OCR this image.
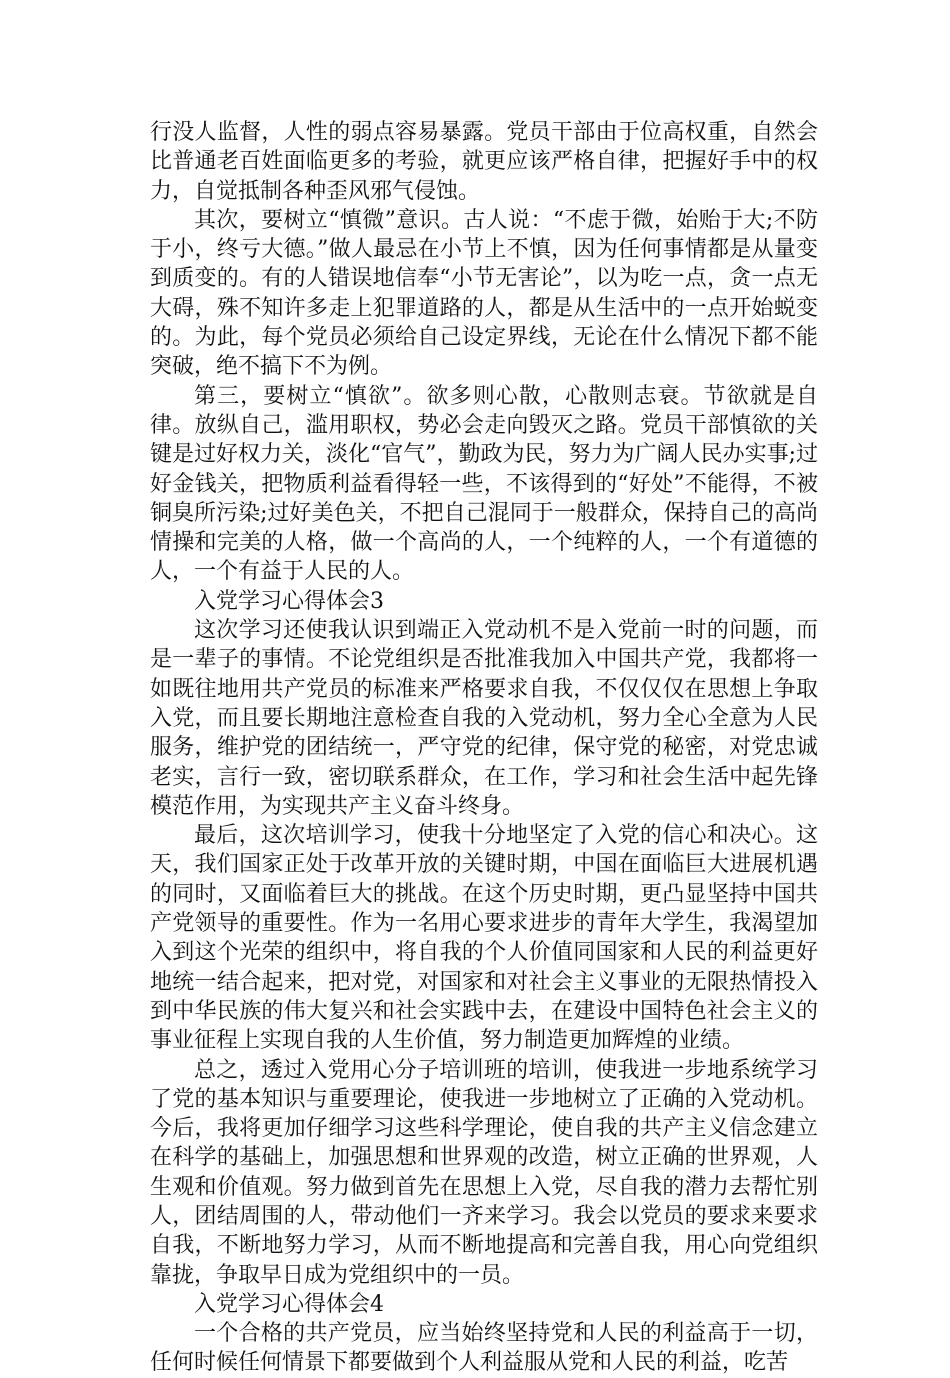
行没人监督，人性的弱点容易暴露。党员干部由于位高权重，自然会比普通老百姓面临更多的考验，就更应该严格自律，把握好手中的权力，自觉抵制各种歪风邪气侵蚀。

其次，要树立“慎微”意识。古人说：“不虑于微，始贻于大;不防于小，终亏大德。”做人最忌在小节上不慎，因为任何事情都是从量变到质变的。有的人错误地信奉“小节无害论”，以为吃一点，贪一点无大碍，殊不知许多走上犯罪道路的人，都是从生活中的一点开始蜕变的。为此，每个党员必须给自己设定界线，无论在什么情况下都不能突破，绝不搞下不为例。

第三，要树立“慎欲”。欲多则心散，心散则志衰。节欲就是自律。放纵自己，滥用职权，势必会走向毁灭之路。党员干部慎欲的关键是过好权力关，淡化“官气”，勤政为民，努力为广阔人民办实事;过好金钱关，把物质利益看得轻一些，不该得到的“好处”不能得，不被铜臭所污染;过好美色关，不把自己混同于一般群众，保持自己的高尚情操和完美的人格，做一个高尚的人，一个纯粹的人，一个有道德的人，一个有益于人民的人。

入党学习心得体会3

这次学习还使我认识到端正入党动机不是入党前一时的问题，而是一辈子的事情。不论党组织是否批准我加入中国共产党，我都将一如既往地用共产党员的标准来严格要求自我，不仅仅仅在思想上争取入党，而且要长期地注意检查自我的入党动机，努力全心全意为人民服务，维护党的团结统一，严守党的纪律，保守党的秘密，对党忠诚老实，言行一致，密切联系群众，在工作，学习和社会生活中起先锋模范作用，为实现共产主义奋斗终身。

最后，这次培训学习，使我十分地坚定了入党的信心和决心。这天，我们国家正处于改革开放的关键时期，中国在面临巨大进展机遇的同时，又面临着巨大的挑战。在这个历史时期，更凸显坚持中国共产党领导的重要性。作为一名用心要求进步的青年大学生，我渴望加入到这个光荣的组织中，将自我的个人价值同国家和人民的利益更好地统一结合起来，把对党，对国家和对社会主义事业的无限热情投入到中华民族的伟大复兴和社会实践中去，在建设中国特色社会主义的事业征程上实现自我的人生价值，努力制造更加辉煌的业绩。

总之，透过入党用心分子培训班的培训，使我进一步地系统学习了党的基本知识与重要理论，使我进一步地树立了正确的入党动机。今后，我将更加仔细学习这些科学理论，使自我的共产主义信念建立在科学的基础上，加强思想和世界观的改造，树立正确的世界观，人生观和价值观。努力做到首先在思想上入党，尽自我的潜力去帮忙别人，团结周围的人，带动他们一齐来学习。我会以党员的要求来要求自我，不断地努力学习，从而不断地提高和完善自我，用心向党组织靠拢，争取早日成为党组织中的一员。

入党学习心得体会4

一个合格的共产党员，应当始终坚持党和人民的利益高于一切，任何时候任何情景下都要做到个人利益服从党和人民的利益，吃苦
